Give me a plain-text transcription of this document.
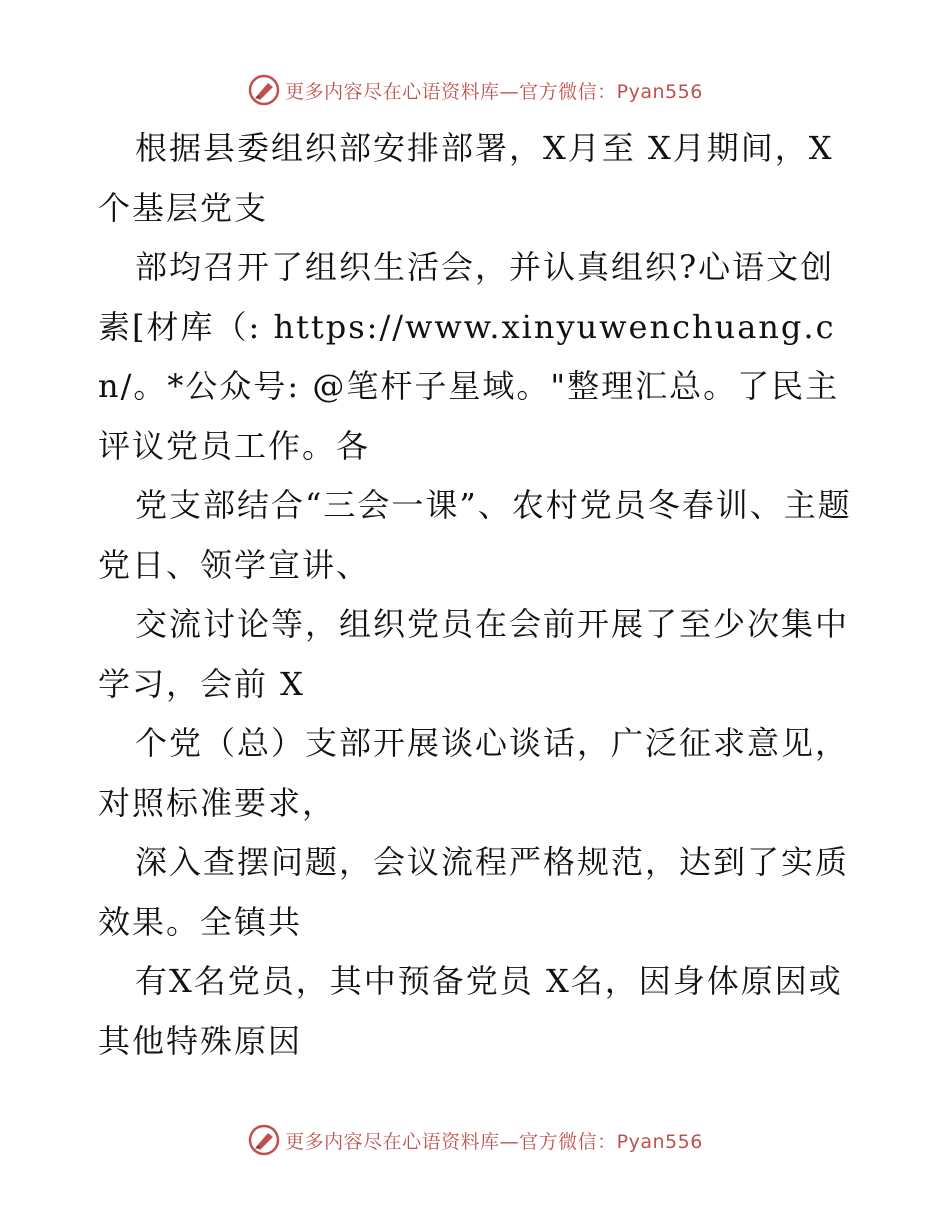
更多内容尽在心语资料库—官方微信：Pyan556

根据县委组织部安排部署，X月至 X月期间，X个基层党支

部均召开了组织生活会，并认真组织?心语文创素[材库（: https://www.xinyuwenchuang.cn/。*公众号: @笔杆子星域。"整理汇总。了民主评议党员工作。各

党支部结合“三会一课”、农村党员冬春训、主题党日、领学宣讲、

交流讨论等，组织党员在会前开展了至少次集中学习，会前 X

个党（总）支部开展谈心谈话，广泛征求意见，对照标准要求，

深入查摆问题，会议流程严格规范，达到了实质效果。全镇共

有X名党员，其中预备党员 X名，因身体原因或其他特殊原因

更多内容尽在心语资料库—官方微信：Pyan556
